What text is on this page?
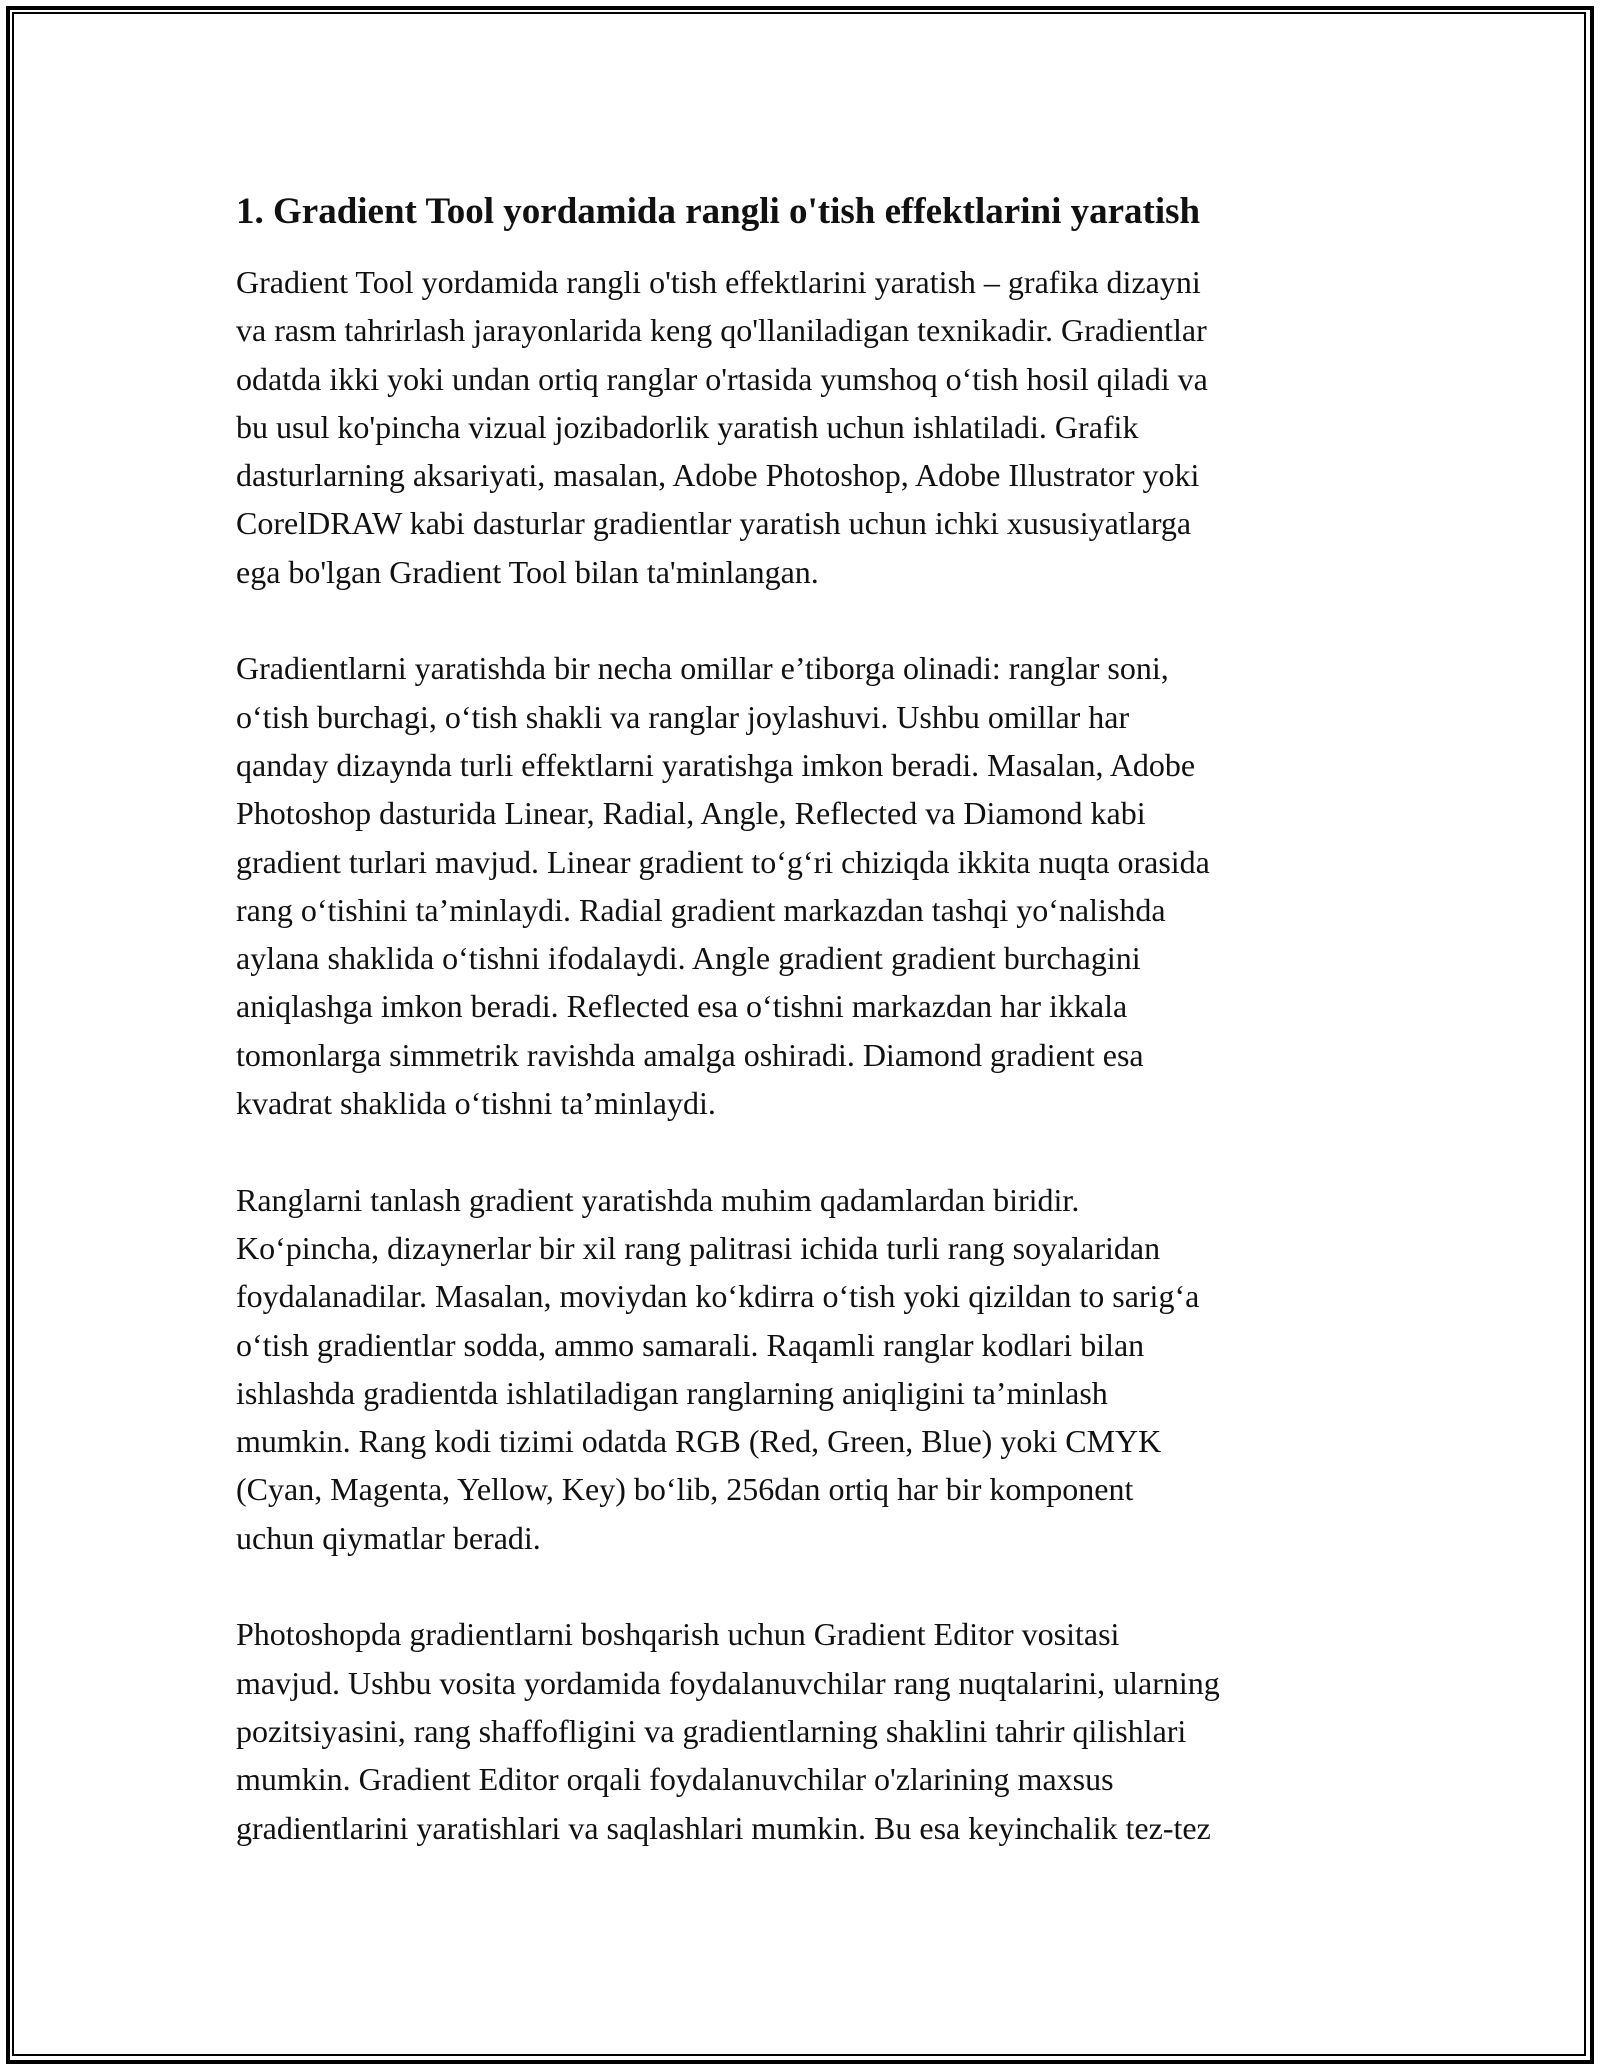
1. Gradient Tool yordamida rangli o'tish effektlarini yaratish

Gradient Tool yordamida rangli o'tish effektlarini yaratish – grafika dizayni
va rasm tahrirlash jarayonlarida keng qo'llaniladigan texnikadir. Gradientlar
odatda ikki yoki undan ortiq ranglar o'rtasida yumshoq o‘tish hosil qiladi va
bu usul ko'pincha vizual jozibadorlik yaratish uchun ishlatiladi. Grafik
dasturlarning aksariyati, masalan, Adobe Photoshop, Adobe Illustrator yoki
CorelDRAW kabi dasturlar gradientlar yaratish uchun ichki xususiyatlarga
ega bo'lgan Gradient Tool bilan ta'minlangan.

Gradientlarni yaratishda bir necha omillar e’tiborga olinadi: ranglar soni,
o‘tish burchagi, o‘tish shakli va ranglar joylashuvi. Ushbu omillar har
qanday dizaynda turli effektlarni yaratishga imkon beradi. Masalan, Adobe
Photoshop dasturida Linear, Radial, Angle, Reflected va Diamond kabi
gradient turlari mavjud. Linear gradient to‘g‘ri chiziqda ikkita nuqta orasida
rang o‘tishini ta’minlaydi. Radial gradient markazdan tashqi yo‘nalishda
aylana shaklida o‘tishni ifodalaydi. Angle gradient gradient burchagini
aniqlashga imkon beradi. Reflected esa o‘tishni markazdan har ikkala
tomonlarga simmetrik ravishda amalga oshiradi. Diamond gradient esa
kvadrat shaklida o‘tishni ta’minlaydi.

Ranglarni tanlash gradient yaratishda muhim qadamlardan biridir.
Ko‘pincha, dizaynerlar bir xil rang palitrasi ichida turli rang soyalaridan
foydalanadilar. Masalan, moviydan ko‘kdirra o‘tish yoki qizildan to sarig‘a
o‘tish gradientlar sodda, ammo samarali. Raqamli ranglar kodlari bilan
ishlashda gradientda ishlatiladigan ranglarning aniqligini ta’minlash
mumkin. Rang kodi tizimi odatda RGB (Red, Green, Blue) yoki CMYK
(Cyan, Magenta, Yellow, Key) bo‘lib, 256dan ortiq har bir komponent
uchun qiymatlar beradi.

Photoshopda gradientlarni boshqarish uchun Gradient Editor vositasi
mavjud. Ushbu vosita yordamida foydalanuvchilar rang nuqtalarini, ularning
pozitsiyasini, rang shaffofligini va gradientlarning shaklini tahrir qilishlari
mumkin. Gradient Editor orqali foydalanuvchilar o'zlarining maxsus
gradientlarini yaratishlari va saqlashlari mumkin. Bu esa keyinchalik tez-tez
